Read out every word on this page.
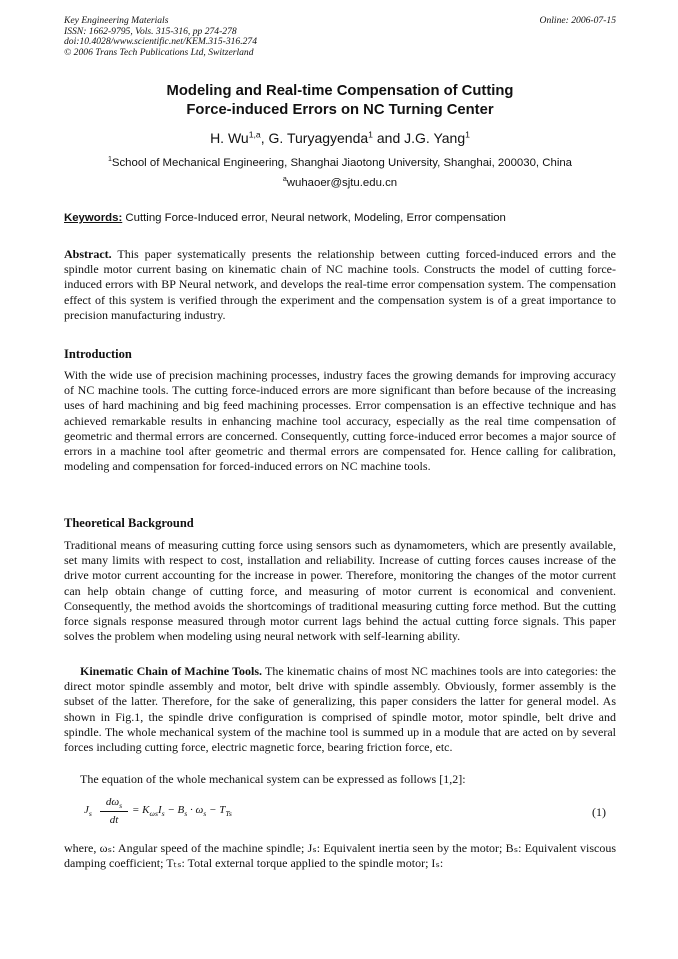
Key Engineering Materials
ISSN: 1662-9795, Vols. 315-316, pp 274-278
doi:10.4028/www.scientific.net/KEM.315-316.274
© 2006 Trans Tech Publications Ltd, Switzerland
Online: 2006-07-15
Modeling and Real-time Compensation of Cutting
Force-induced Errors on NC Turning Center
H. Wu$^{1,a}$, G. Turyagyenda$^1$ and J.G. Yang$^1$
$^1$School of Mechanical Engineering, Shanghai Jiaotong University, Shanghai, 200030, China
$^a$wuhaoer@sjtu.edu.cn
Keywords: Cutting Force-Induced error, Neural network, Modeling, Error compensation
Abstract. This paper systematically presents the relationship between cutting forced-induced errors and the spindle motor current basing on kinematic chain of NC machine tools. Constructs the model of cutting force-induced errors with BP Neural network, and develops the real-time error compensation system. The compensation effect of this system is verified through the experiment and the compensation system is of a great importance to precision manufacturing industry.
Introduction
With the wide use of precision machining processes, industry faces the growing demands for improving accuracy of NC machine tools. The cutting force-induced errors are more significant than before because of the increasing uses of hard machining and big feed machining processes. Error compensation is an effective technique and has achieved remarkable results in enhancing machine tool accuracy, especially as the real time compensation of geometric and thermal errors are concerned. Consequently, cutting force-induced error becomes a major source of errors in a machine tool after geometric and thermal errors are compensated for. Hence calling for calibration, modeling and compensation for forced-induced errors on NC machine tools.
Theoretical Background
Traditional means of measuring cutting force using sensors such as dynamometers, which are presently available, set many limits with respect to cost, installation and reliability. Increase of cutting forces causes increase of the drive motor current accounting for the increase in power. Therefore, monitoring the changes of the motor current can help obtain change of cutting force, and measuring of motor current is economical and convenient. Consequently, the method avoids the shortcomings of traditional measuring cutting force method. But the cutting force signals response measured through motor current lags behind the actual cutting force signals. This paper solves the problem when modeling using neural network with self-learning ability.
Kinematic Chain of Machine Tools. The kinematic chains of most NC machines tools are into categories: the direct motor spindle assembly and motor, belt drive with spindle assembly. Obviously, former assembly is the subset of the latter. Therefore, for the sake of generalizing, this paper considers the latter for general model. As shown in Fig.1, the spindle drive configuration is comprised of spindle motor, motor spindle, belt drive and spindle. The whole mechanical system of the machine tool is summed up in a module that are acted on by several forces including cutting force, electric magnetic force, bearing friction force, etc.
The equation of the whole mechanical system can be expressed as follows [1,2]:
$J_s$
$d\omega_s$
dt
= $K_{\omega s}I_s - B_s \cdot \omega_s - T_{Ts}$	(1)
where, ωₛ: Angular speed of the machine spindle; Jₛ: Equivalent inertia seen by the motor; Bₛ: Equivalent viscous damping coefficient; Tₜₛ: Total external torque applied to the spindle motor; Iₛ:
